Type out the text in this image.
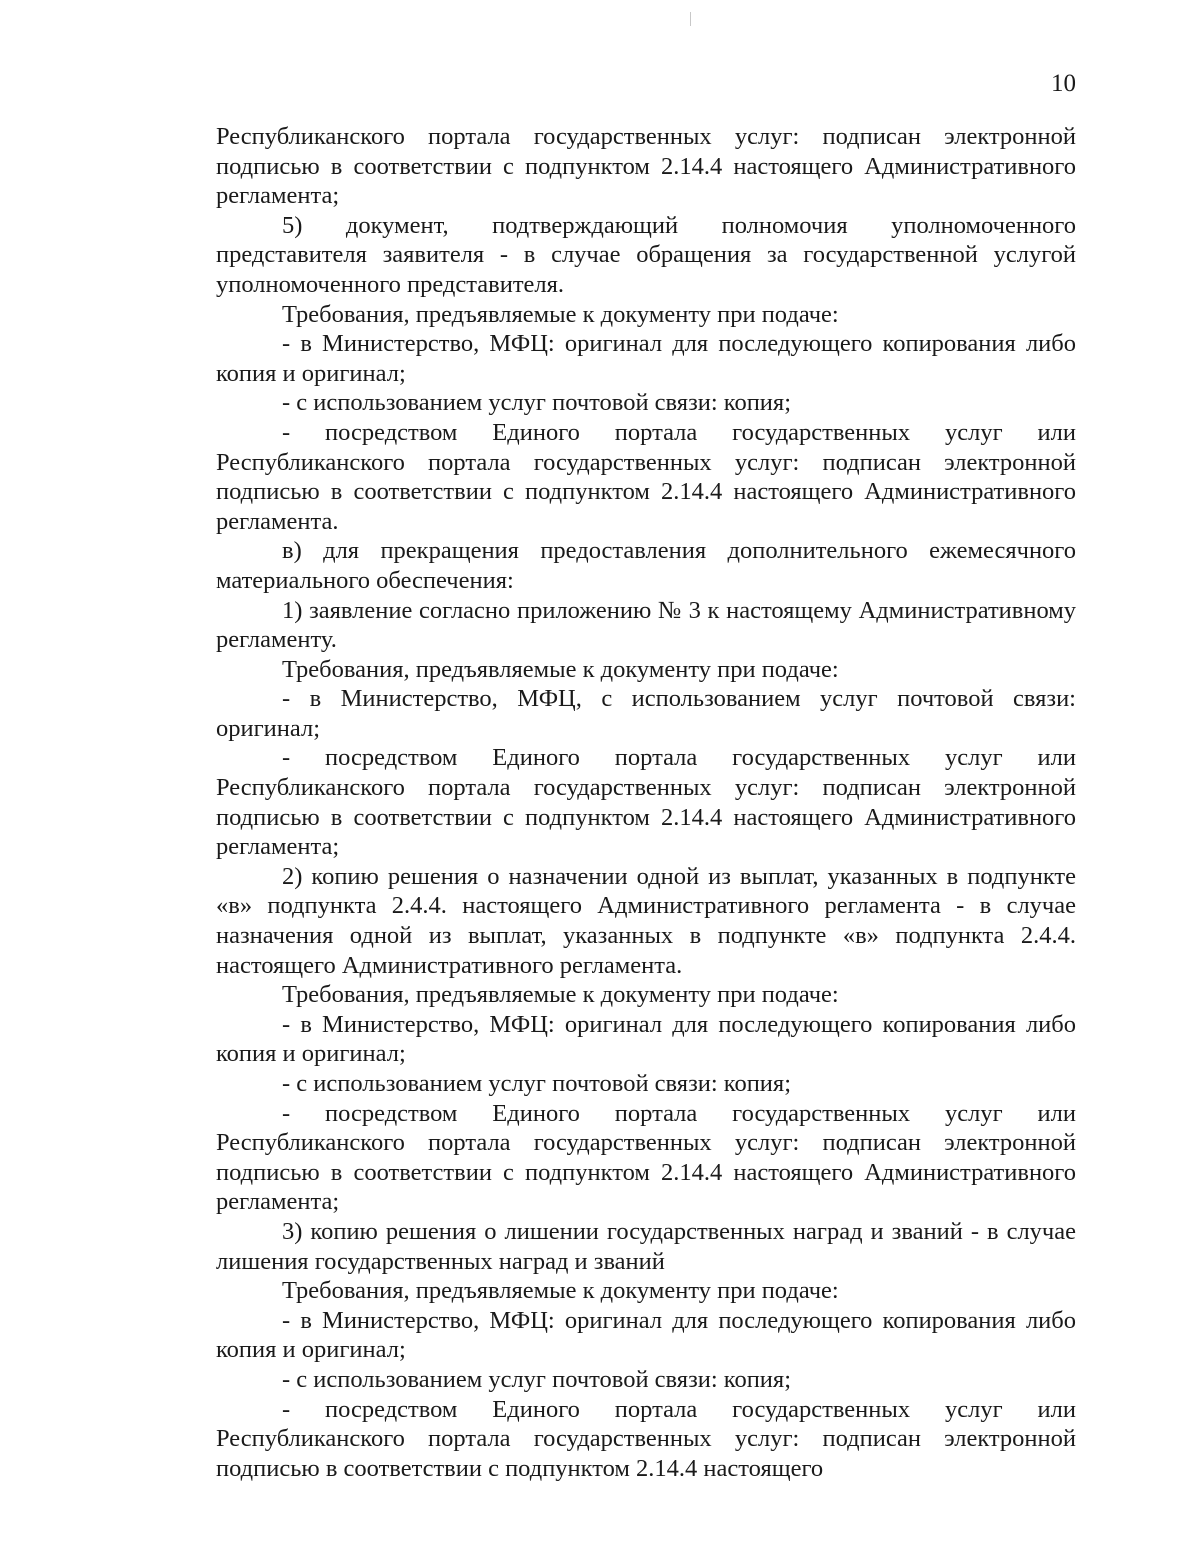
10

Республиканского портала государственных услуг: подписан электронной подписью в соответствии с подпунктом 2.14.4 настоящего Административного регламента;

5) документ, подтверждающий полномочия уполномоченного представителя заявителя - в случае обращения за государственной услугой уполномоченного представителя.

Требования, предъявляемые к документу при подаче:

- в Министерство, МФЦ: оригинал для последующего копирования либо копия и оригинал;

- с использованием услуг почтовой связи: копия;

- посредством Единого портала государственных услуг или Республиканского портала государственных услуг: подписан электронной подписью в соответствии с подпунктом 2.14.4 настоящего Административного регламента.

в) для прекращения предоставления дополнительного ежемесячного материального обеспечения:

1) заявление согласно приложению № 3 к настоящему Административному регламенту.

Требования, предъявляемые к документу при подаче:

- в Министерство, МФЦ, с использованием услуг почтовой связи: оригинал;

- посредством Единого портала государственных услуг или Республиканского портала государственных услуг: подписан электронной подписью в соответствии с подпунктом 2.14.4 настоящего Административного регламента;

2) копию решения о назначении одной из выплат, указанных в подпункте «в» подпункта 2.4.4. настоящего Административного регламента - в случае назначения одной из выплат, указанных в подпункте «в» подпункта 2.4.4. настоящего Административного регламента.

Требования, предъявляемые к документу при подаче:

- в Министерство, МФЦ: оригинал для последующего копирования либо копия и оригинал;

- с использованием услуг почтовой связи: копия;

- посредством Единого портала государственных услуг или Республиканского портала государственных услуг: подписан электронной подписью в соответствии с подпунктом 2.14.4 настоящего Административного регламента;

3) копию решения о лишении государственных наград и званий - в случае лишения государственных наград и званий

Требования, предъявляемые к документу при подаче:

- в Министерство, МФЦ: оригинал для последующего копирования либо копия и оригинал;

- с использованием услуг почтовой связи: копия;

- посредством Единого портала государственных услуг или Республиканского портала государственных услуг: подписан электронной подписью в соответствии с подпунктом 2.14.4 настоящего
